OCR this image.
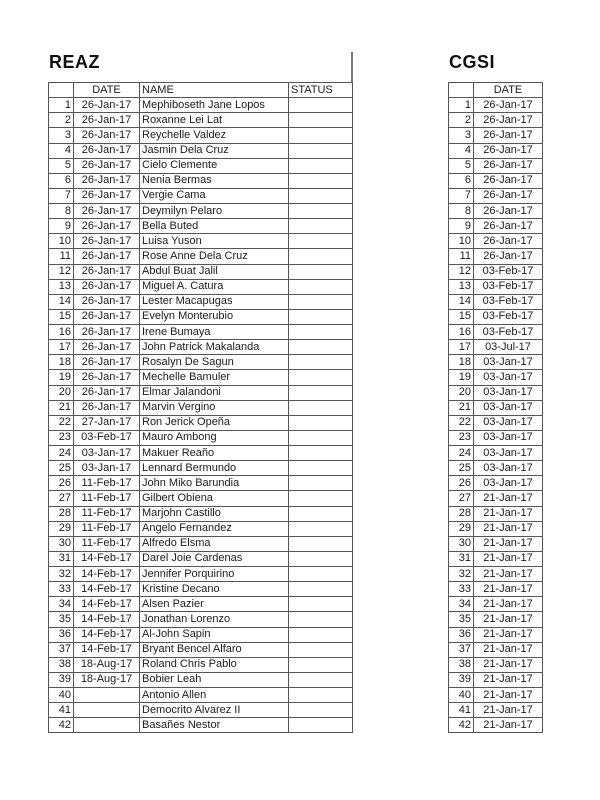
REAZ	CGSI
	DATE	NAME	STATUS
1	26-Jan-17	Mephiboseth Jane Lopos	
2	26-Jan-17	Roxanne Lei Lat	
3	26-Jan-17	Reychelle Valdez	
4	26-Jan-17	Jasmin Dela Cruz	
5	26-Jan-17	Cielo Clemente	
6	26-Jan-17	Nenia Bermas	
7	26-Jan-17	Vergie Cama	
8	26-Jan-17	Deymilyn Pelaro	
9	26-Jan-17	Bella Buted	
10	26-Jan-17	Luisa Yuson	
11	26-Jan-17	Rose Anne Dela Cruz	
12	26-Jan-17	Abdul Buat Jalil	
13	26-Jan-17	Miguel A. Catura	
14	26-Jan-17	Lester Macapugas	
15	26-Jan-17	Evelyn Monterubio	
16	26-Jan-17	Irene Bumaya	
17	26-Jan-17	John Patrick Makalanda	
18	26-Jan-17	Rosalyn De Sagun	
19	26-Jan-17	Mechelle Bamuler	
20	26-Jan-17	Elmar Jalandoni	
21	26-Jan-17	Marvin Vergino	
22	27-Jan-17	Ron Jerick Opeña	
23	03-Feb-17	Mauro Ambong	
24	03-Jan-17	Makuer Reaño	
25	03-Jan-17	Lennard Bermundo	
26	11-Feb-17	John Miko Barundia	
27	11-Feb-17	Gilbert Obiena	
28	11-Feb-17	Marjohn Castillo	
29	11-Feb-17	Angelo Fernandez	
30	11-Feb-17	Alfredo Elsma	
31	14-Feb-17	Darel Joie Cardenas	
32	14-Feb-17	Jennifer Porquirino	
33	14-Feb-17	Kristine Decano	
34	14-Feb-17	Alsen Pazier	
35	14-Feb-17	Jonathan Lorenzo	
36	14-Feb-17	Al-John Sapin	
37	14-Feb-17	Bryant Bencel Alfaro	
38	18-Aug-17	Roland Chris Pablo	
39	18-Aug-17	Bobier Leah	
40		Antonio Allen	
41		Democrito Alvarez II	
42		Basañes Nestor	
	DATE
1	26-Jan-17
2	26-Jan-17
3	26-Jan-17
4	26-Jan-17
5	26-Jan-17
6	26-Jan-17
7	26-Jan-17
8	26-Jan-17
9	26-Jan-17
10	26-Jan-17
11	26-Jan-17
12	03-Feb-17
13	03-Feb-17
14	03-Feb-17
15	03-Feb-17
16	03-Feb-17
17	03-Jul-17
18	03-Jan-17
19	03-Jan-17
20	03-Jan-17
21	03-Jan-17
22	03-Jan-17
23	03-Jan-17
24	03-Jan-17
25	03-Jan-17
26	03-Jan-17
27	21-Jan-17
28	21-Jan-17
29	21-Jan-17
30	21-Jan-17
31	21-Jan-17
32	21-Jan-17
33	21-Jan-17
34	21-Jan-17
35	21-Jan-17
36	21-Jan-17
37	21-Jan-17
38	21-Jan-17
39	21-Jan-17
40	21-Jan-17
41	21-Jan-17
42	21-Jan-17
